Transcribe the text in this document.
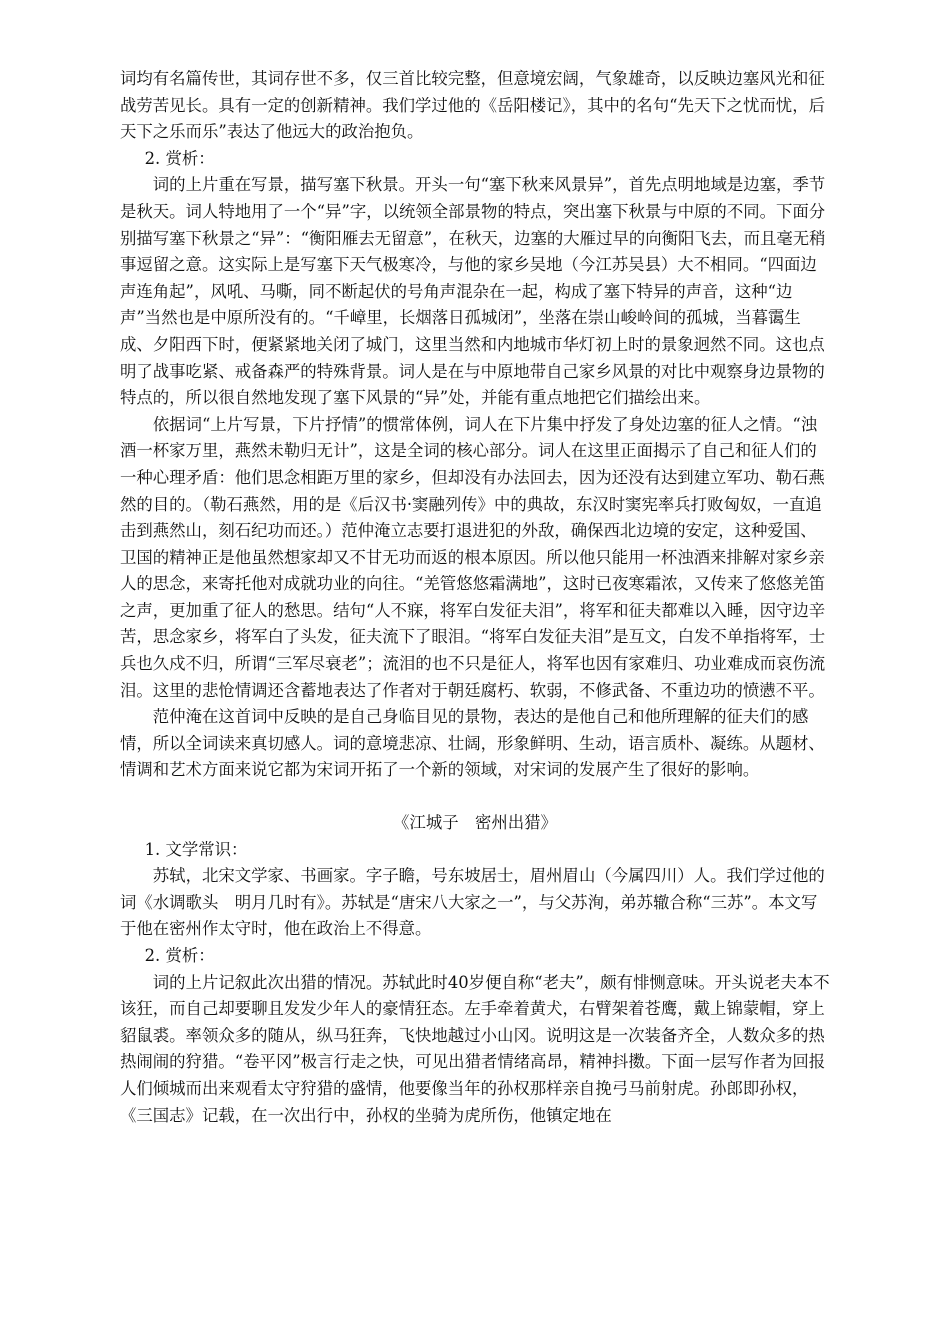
词均有名篇传世，其词存世不多，仅三首比较完整，但意境宏阔，气象雄奇，以反映边塞风光和征战劳苦见长。具有一定的创新精神。我们学过他的《岳阳楼记》，其中的名句“先天下之忧而忧，后天下之乐而乐”表达了他远大的政治抱负。

2. 赏析：

词的上片重在写景，描写塞下秋景。开头一句“塞下秋来风景异”，首先点明地域是边塞，季节是秋天。词人特地用了一个“异”字，以统领全部景物的特点，突出塞下秋景与中原的不同。下面分别描写塞下秋景之“异”：“衡阳雁去无留意”，在秋天，边塞的大雁过早的向衡阳飞去，而且毫无稍事逗留之意。这实际上是写塞下天气极寒冷，与他的家乡吴地（今江苏吴县）大不相同。“四面边声连角起”，风吼、马嘶，同不断起伏的号角声混杂在一起，构成了塞下特异的声音，这种“边声”当然也是中原所没有的。“千嶂里，长烟落日孤城闭”，坐落在崇山峻岭间的孤城，当暮霭生成、夕阳西下时，便紧紧地关闭了城门，这里当然和内地城市华灯初上时的景象迥然不同。这也点明了战事吃紧、戒备森严的特殊背景。词人是在与中原地带自己家乡风景的对比中观察身边景物的特点的，所以很自然地发现了塞下风景的“异”处，并能有重点地把它们描绘出来。

依据词“上片写景，下片抒情”的惯常体例，词人在下片集中抒发了身处边塞的征人之情。“浊酒一杯家万里，燕然未勒归无计”，这是全词的核心部分。词人在这里正面揭示了自己和征人们的一种心理矛盾：他们思念相距万里的家乡，但却没有办法回去，因为还没有达到建立军功、勒石燕然的目的。（勒石燕然，用的是《后汉书·窦融列传》中的典故，东汉时窦宪率兵打败匈奴，一直追击到燕然山，刻石纪功而还。）范仲淹立志要打退进犯的外敌，确保西北边境的安定，这种爱国、卫国的精神正是他虽然想家却又不甘无功而返的根本原因。所以他只能用一杯浊酒来排解对家乡亲人的思念，来寄托他对成就功业的向往。“羌管悠悠霜满地”，这时已夜寒霜浓，又传来了悠悠羌笛之声，更加重了征人的愁思。结句“人不寐，将军白发征夫泪”，将军和征夫都难以入睡，因守边辛苦，思念家乡，将军白了头发，征夫流下了眼泪。“将军白发征夫泪”是互文，白发不单指将军，士兵也久戍不归，所谓“三军尽衰老”；流泪的也不只是征人，将军也因有家难归、功业难成而哀伤流泪。这里的悲怆情调还含蓄地表达了作者对于朝廷腐朽、软弱，不修武备、不重边功的愤懑不平。

范仲淹在这首词中反映的是自己身临目见的景物，表达的是他自己和他所理解的征夫们的感情，所以全词读来真切感人。词的意境悲凉、壮阔，形象鲜明、生动，语言质朴、凝练。从题材、情调和艺术方面来说它都为宋词开拓了一个新的领域，对宋词的发展产生了很好的影响。

《江城子　密州出猎》

1. 文学常识：

苏轼，北宋文学家、书画家。字子瞻，号东坡居士，眉州眉山（今属四川）人。我们学过他的词《水调歌头　明月几时有》。苏轼是“唐宋八大家之一”，与父苏洵，弟苏辙合称“三苏”。本文写于他在密州作太守时，他在政治上不得意。

2. 赏析：

词的上片记叙此次出猎的情况。苏轼此时40岁便自称“老夫”，颇有悱恻意味。开头说老夫本不该狂，而自己却要聊且发发少年人的豪情狂态。左手牵着黄犬，右臂架着苍鹰，戴上锦蒙帽，穿上貂鼠裘。率领众多的随从，纵马狂奔，飞快地越过小山冈。说明这是一次装备齐全，人数众多的热热闹闹的狩猎。“卷平冈”极言行走之快，可见出猎者情绪高昂，精神抖擞。下面一层写作者为回报人们倾城而出来观看太守狩猎的盛情，他要像当年的孙权那样亲自挽弓马前射虎。孙郎即孙权，《三国志》记载，在一次出行中，孙权的坐骑为虎所伤，他镇定地在
